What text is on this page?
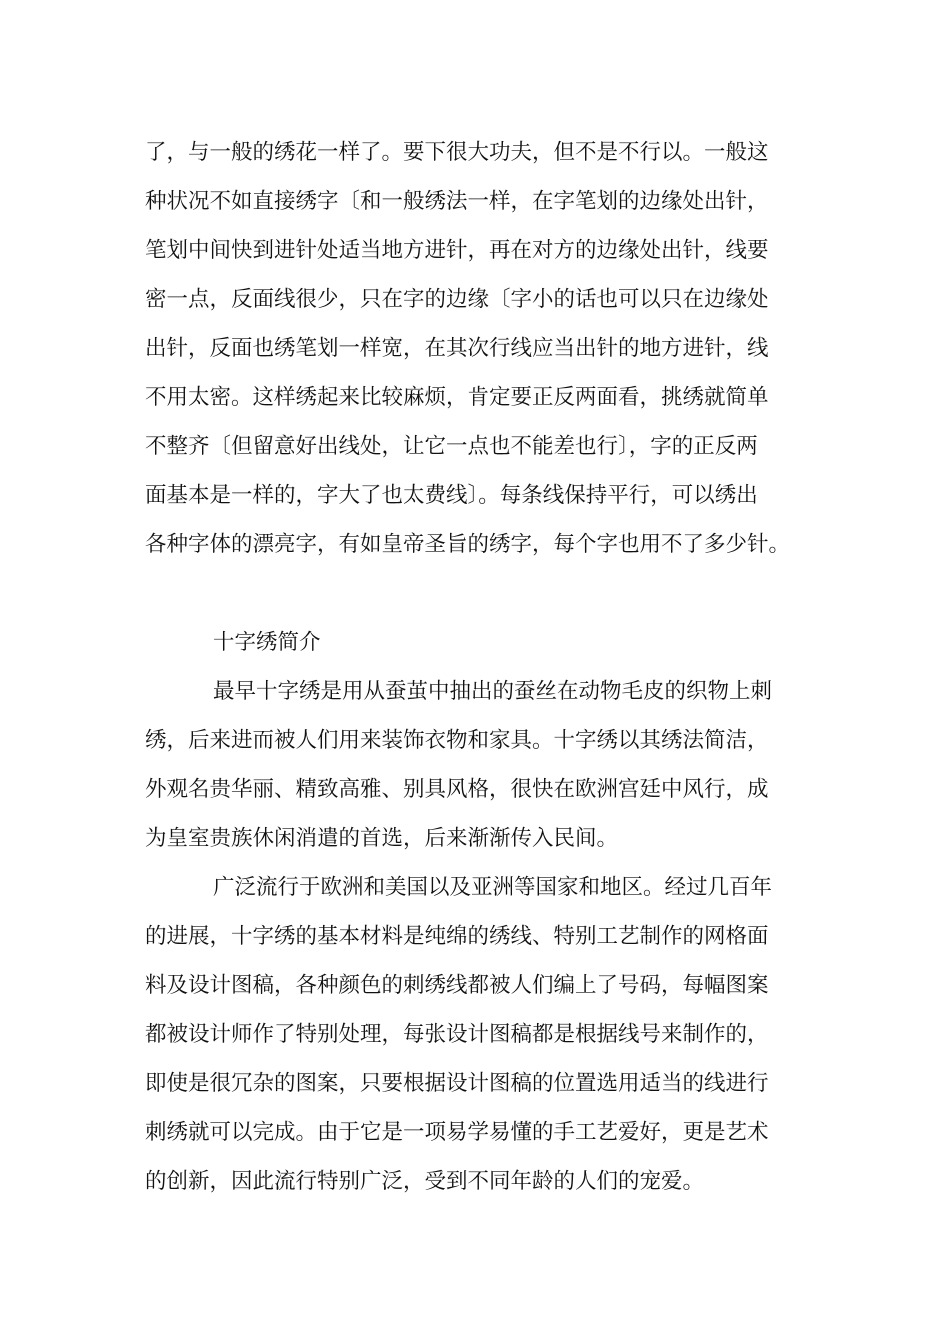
了，与一般的绣花一样了。要下很大功夫，但不是不行以。一般这
种状况不如直接绣字〔和一般绣法一样，在字笔划的边缘处出针，
笔划中间快到进针处适当地方进针，再在对方的边缘处出针，线要
密一点，反面线很少，只在字的边缘〔字小的话也可以只在边缘处
出针，反面也绣笔划一样宽，在其次行线应当出针的地方进针，线
不用太密。这样绣起来比较麻烦，肯定要正反两面看，挑绣就简单
不整齐〔但留意好出线处，让它一点也不能差也行〕，字的正反两
面基本是一样的，字大了也太费线〕。每条线保持平行，可以绣出
各种字体的漂亮字，有如皇帝圣旨的绣字，每个字也用不了多少针。
十字绣简介
最早十字绣是用从蚕茧中抽出的蚕丝在动物毛皮的织物上刺
绣，后来进而被人们用来装饰衣物和家具。十字绣以其绣法简洁，
外观名贵华丽、精致高雅、别具风格，很快在欧洲宫廷中风行，成
为皇室贵族休闲消遣的首选，后来渐渐传入民间。
广泛流行于欧洲和美国以及亚洲等国家和地区。经过几百年
的进展，十字绣的基本材料是纯绵的绣线、特别工艺制作的网格面
料及设计图稿，各种颜色的刺绣线都被人们编上了号码，每幅图案
都被设计师作了特别处理，每张设计图稿都是根据线号来制作的，
即使是很冗杂的图案，只要根据设计图稿的位置选用适当的线进行
刺绣就可以完成。由于它是一项易学易懂的手工艺爱好，更是艺术
的创新，因此流行特别广泛，受到不同年龄的人们的宠爱。
